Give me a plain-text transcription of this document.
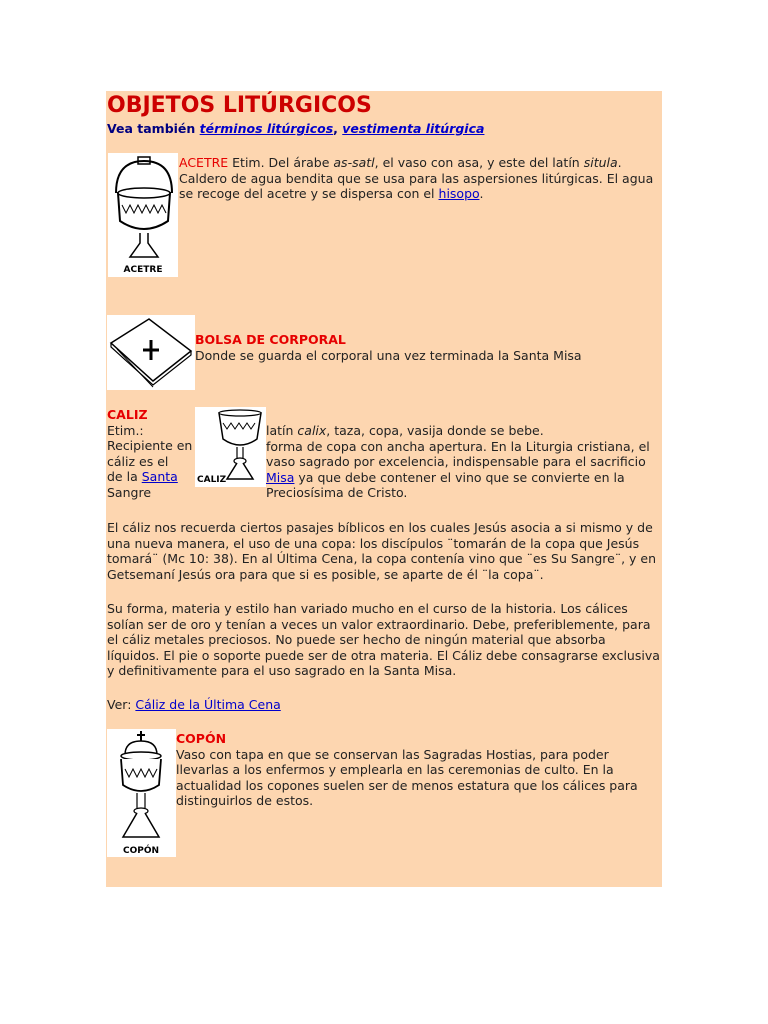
OBJETOS LITÚRGICOS
Vea también términos litúrgicos, vestimenta litúrgica
ACETRE

ACETRE Etim. Del árabe as-satl, el vaso con asa, y este del latín situla.

Caldero de agua bendita que se usa para las aspersiones litúrgicas. El agua

se recoge del acetre y se dispersa con el hisopo.

BOLSA DE CORPORAL

Donde se guarda el corporal una vez terminada la Santa Misa

CALIZ

Etim.:

Recipiente en

cáliz es el

de la Santa

Sangre

CALIZ

latín calix, taza, copa, vasija donde se bebe.

forma de copa con ancha apertura. En la Liturgia cristiana, el

vaso sagrado por excelencia, indispensable para el sacrificio

Misa ya que debe contener el vino que se convierte en la

Preciosísima de Cristo.

El cáliz nos recuerda ciertos pasajes bíblicos en los cuales Jesús asocia a si mismo y de una nueva manera, el uso de una copa: los discípulos ¨tomarán de la copa que Jesús tomará¨ (Mc 10: 38). En al Última Cena, la copa contenía vino que ¨es Su Sangre¨, y en Getsemaní Jesús ora para que si es posible, se aparte de él ¨la copa¨.

Su forma, materia y estilo han variado mucho en el curso de la historia. Los cálices solían ser de oro y tenían a veces un valor extraordinario. Debe, preferiblemente, para el cáliz metales preciosos. No puede ser hecho de ningún material que absorba líquidos. El pie o soporte puede ser de otra materia. El Cáliz debe consagrarse exclusiva y definitivamente para el uso sagrado en la Santa Misa.

Ver: Cáliz de la Última Cena

COPÓN

COPÓN

Vaso con tapa en que se conservan las Sagradas Hostias, para poder

llevarlas a los enfermos y emplearla en las ceremonias de culto. En la

actualidad los copones suelen ser de menos estatura que los cálices para

distinguirlos de estos.
